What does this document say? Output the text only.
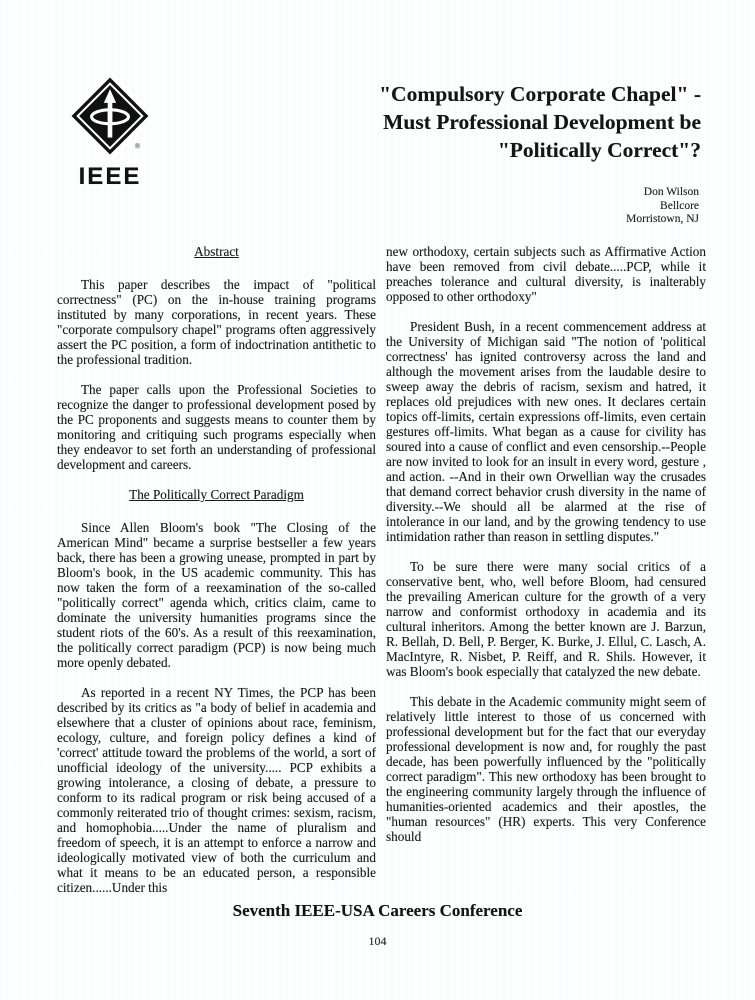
®
IEEE
"Compulsory Corporate Chapel" -
Must Professional Development be
"Politically Correct"?
Don Wilson
Bellcore
Morristown, NJ
Abstract

This paper describes the impact of "political correctness" (PC) on the in-house training programs instituted by many corporations, in recent years. These "corporate compulsory chapel" programs often aggressively assert the PC position, a form of indoctrination antithetic to the professional tradition.

The paper calls upon the Professional Societies to recognize the danger to professional development posed by the PC proponents and suggests means to counter them by monitoring and critiquing such programs especially when they endeavor to set forth an understanding of professional development and careers.

The Politically Correct Paradigm

Since Allen Bloom's book "The Closing of the American Mind" became a surprise bestseller a few years back, there has been a growing unease, prompted in part by Bloom's book, in the US academic community. This has now taken the form of a reexamination of the so-called "politically correct" agenda which, critics claim, came to dominate the university humanities programs since the student riots of the 60's. As a result of this reexamination, the politically correct paradigm (PCP) is now being much more openly debated.

As reported in a recent NY Times, the PCP has been described by its critics as "a body of belief in academia and elsewhere that a cluster of opinions about race, feminism, ecology, culture, and foreign policy defines a kind of 'correct' attitude toward the problems of the world, a sort of unofficial ideology of the university..... PCP exhibits a growing intolerance, a closing of debate, a pressure to conform to its radical program or risk being accused of a commonly reiterated trio of thought crimes: sexism, racism, and homophobia.....Under the name of pluralism and freedom of speech, it is an attempt to enforce a narrow and ideologically motivated view of both the curriculum and what it means to be an educated person, a responsible citizen......Under this

new orthodoxy, certain subjects such as Affirmative Action have been removed from civil debate.....PCP, while it preaches tolerance and cultural diversity, is inalterably opposed to other orthodoxy"

President Bush, in a recent commencement address at the University of Michigan said "The notion of 'political correctness' has ignited controversy across the land and although the movement arises from the laudable desire to sweep away the debris of racism, sexism and hatred, it replaces old prejudices with new ones. It declares certain topics off-limits, certain expressions off-limits, even certain gestures off-limits. What began as a cause for civility has soured into a cause of conflict and even censorship.--People are now invited to look for an insult in every word, gesture , and action. --And in their own Orwellian way the crusades that demand correct behavior crush diversity in the name of diversity.--We should all be alarmed at the rise of intolerance in our land, and by the growing tendency to use intimidation rather than reason in settling disputes."

To be sure there were many social critics of a conservative bent, who, well before Bloom, had censured the prevailing American culture for the growth of a very narrow and conformist orthodoxy in academia and its cultural inheritors. Among the better known are J. Barzun, R. Bellah, D. Bell, P. Berger, K. Burke, J. Ellul, C. Lasch, A. MacIntyre, R. Nisbet, P. Reiff, and R. Shils. However, it was Bloom's book especially that catalyzed the new debate.

This debate in the Academic community might seem of relatively little interest to those of us concerned with professional development but for the fact that our everyday professional development is now and, for roughly the past decade, has been powerfully influenced by the "politically correct paradigm". This new orthodoxy has been brought to the engineering community largely through the influence of humanities-oriented academics and their apostles, the "human resources" (HR) experts. This very Conference should

Seventh IEEE-USA Careers Conference
104
